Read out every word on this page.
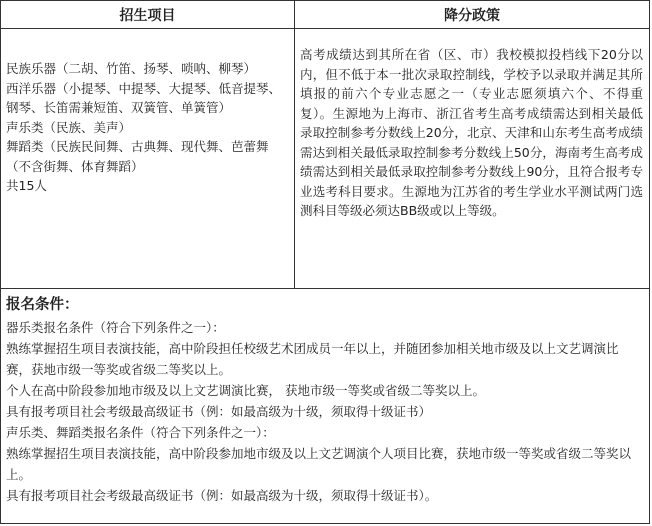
招生项目	降分政策

民族乐器（二胡、竹笛、扬琴、唢呐、柳琴）

西洋乐器（小提琴、中提琴、大提琴、低音提琴、钢琴、长笛需兼短笛、双簧管、单簧管）

声乐类（民族、美声）

舞蹈类（民族民间舞、古典舞、现代舞、芭蕾舞（不含街舞、体育舞蹈）

共15人

高考成绩达到其所在省（区、市）我校模拟投档线下20分以内，但不低于本一批次录取控制线，学校予以录取并满足其所填报的前六个专业志愿之一（专业志愿须填六个、不得重复）。生源地为上海市、浙江省考生高考成绩需达到相关最低录取控制参考分数线上20分，北京、天津和山东考生高考成绩需达到相关最低录取控制参考分数线上50分，海南考生高考成绩需达到相关最低录取控制参考分数线上90分，且符合报考专业选考科目要求。生源地为江苏省的考生学业水平测试两门选测科目等级必须达BB级或以上等级。

报名条件：

器乐类报名条件（符合下列条件之一）：

熟练掌握招生项目表演技能，高中阶段担任校级艺术团成员一年以上，并随团参加相关地市级及以上文艺调演比赛，获地市级一等奖或省级二等奖以上。

个人在高中阶段参加地市级及以上文艺调演比赛， 获地市级一等奖或省级二等奖以上。

具有报考项目社会考级最高级证书（例：如最高级为十级，须取得十级证书）

声乐类、舞蹈类报名条件（符合下列条件之一）：

熟练掌握招生项目表演技能，高中阶段参加地市级及以上文艺调演个人项目比赛，获地市级一等奖或省级二等奖以上。

具有报考项目社会考级最高级证书（例：如最高级为十级，须取得十级证书）。
